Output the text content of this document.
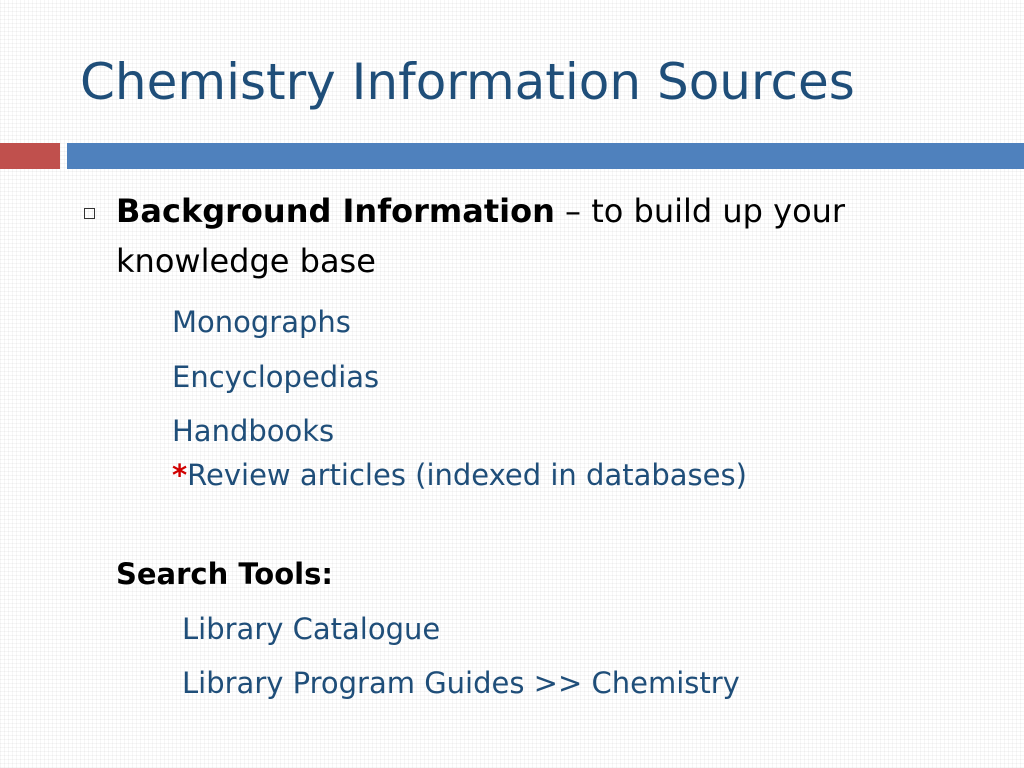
Chemistry Information Sources
Background Information – to build up your knowledge base
Monographs
Encyclopedias
Handbooks
*Review articles (indexed in databases)
Search Tools:
Library Catalogue
Library Program Guides >> Chemistry
